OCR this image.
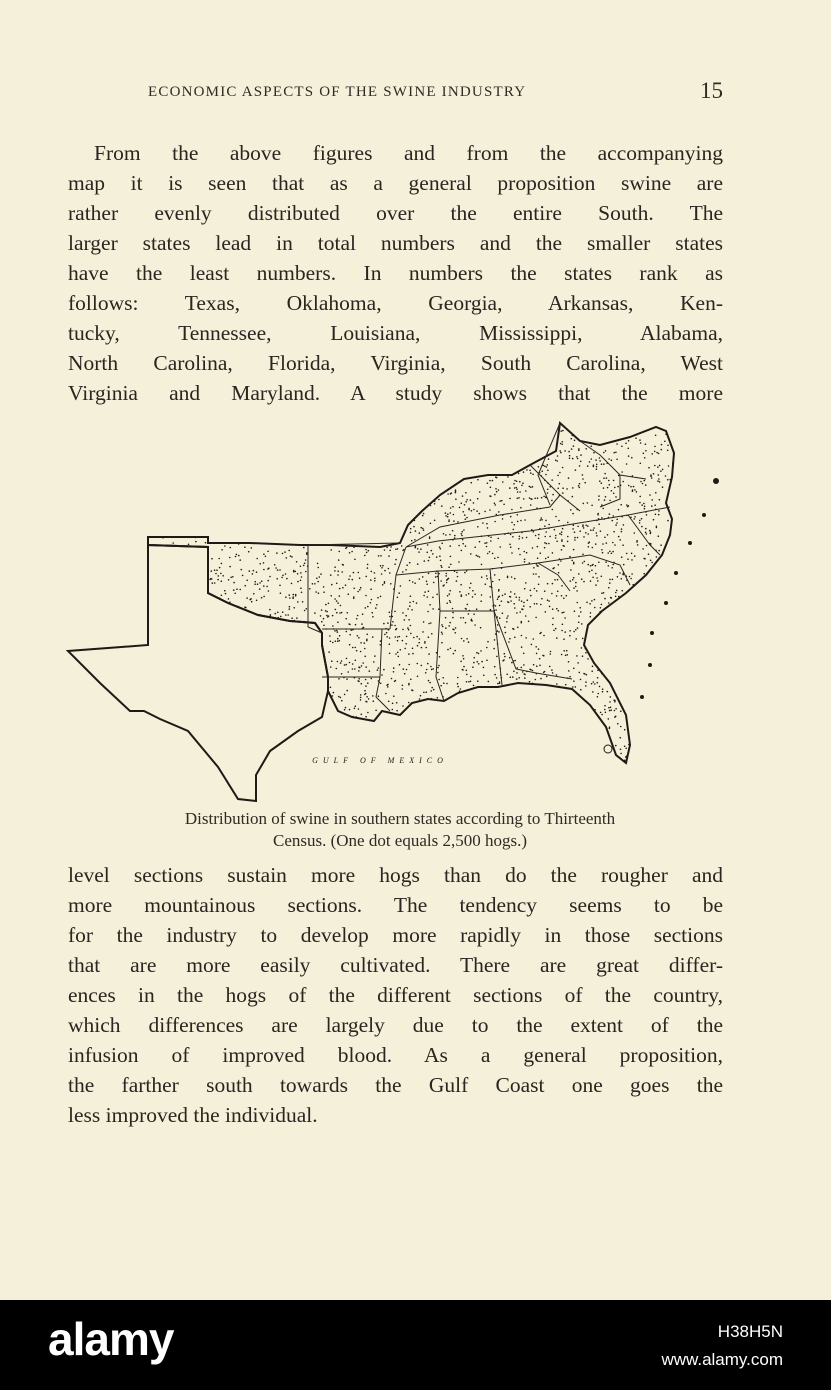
ECONOMIC ASPECTS OF THE SWINE INDUSTRY	15
From the above figures and from the accompanying
map it is seen that as a general proposition swine are
rather evenly distributed over the entire South. The
larger states lead in total numbers and the smaller states
have the least numbers. In numbers the states rank as
follows: Texas, Oklahoma, Georgia, Arkansas, Ken-
tucky, Tennessee, Louisiana, Mississippi, Alabama,
North Carolina, Florida, Virginia, South Carolina, West
Virginia and Maryland. A study shows that the more
GULF OF MEXICO
Distribution of swine in southern states according to Thirteenth
Census. (One dot equals 2,500 hogs.)
level sections sustain more hogs than do the rougher and
more mountainous sections. The tendency seems to be
for the industry to develop more rapidly in those sections
that are more easily cultivated. There are great differ-
ences in the hogs of the different sections of the country,
which differences are largely due to the extent of the
infusion of improved blood. As a general proposition,
the farther south towards the Gulf Coast one goes the
less improved the individual.
alamy	H38H5N
www.alamy.com
